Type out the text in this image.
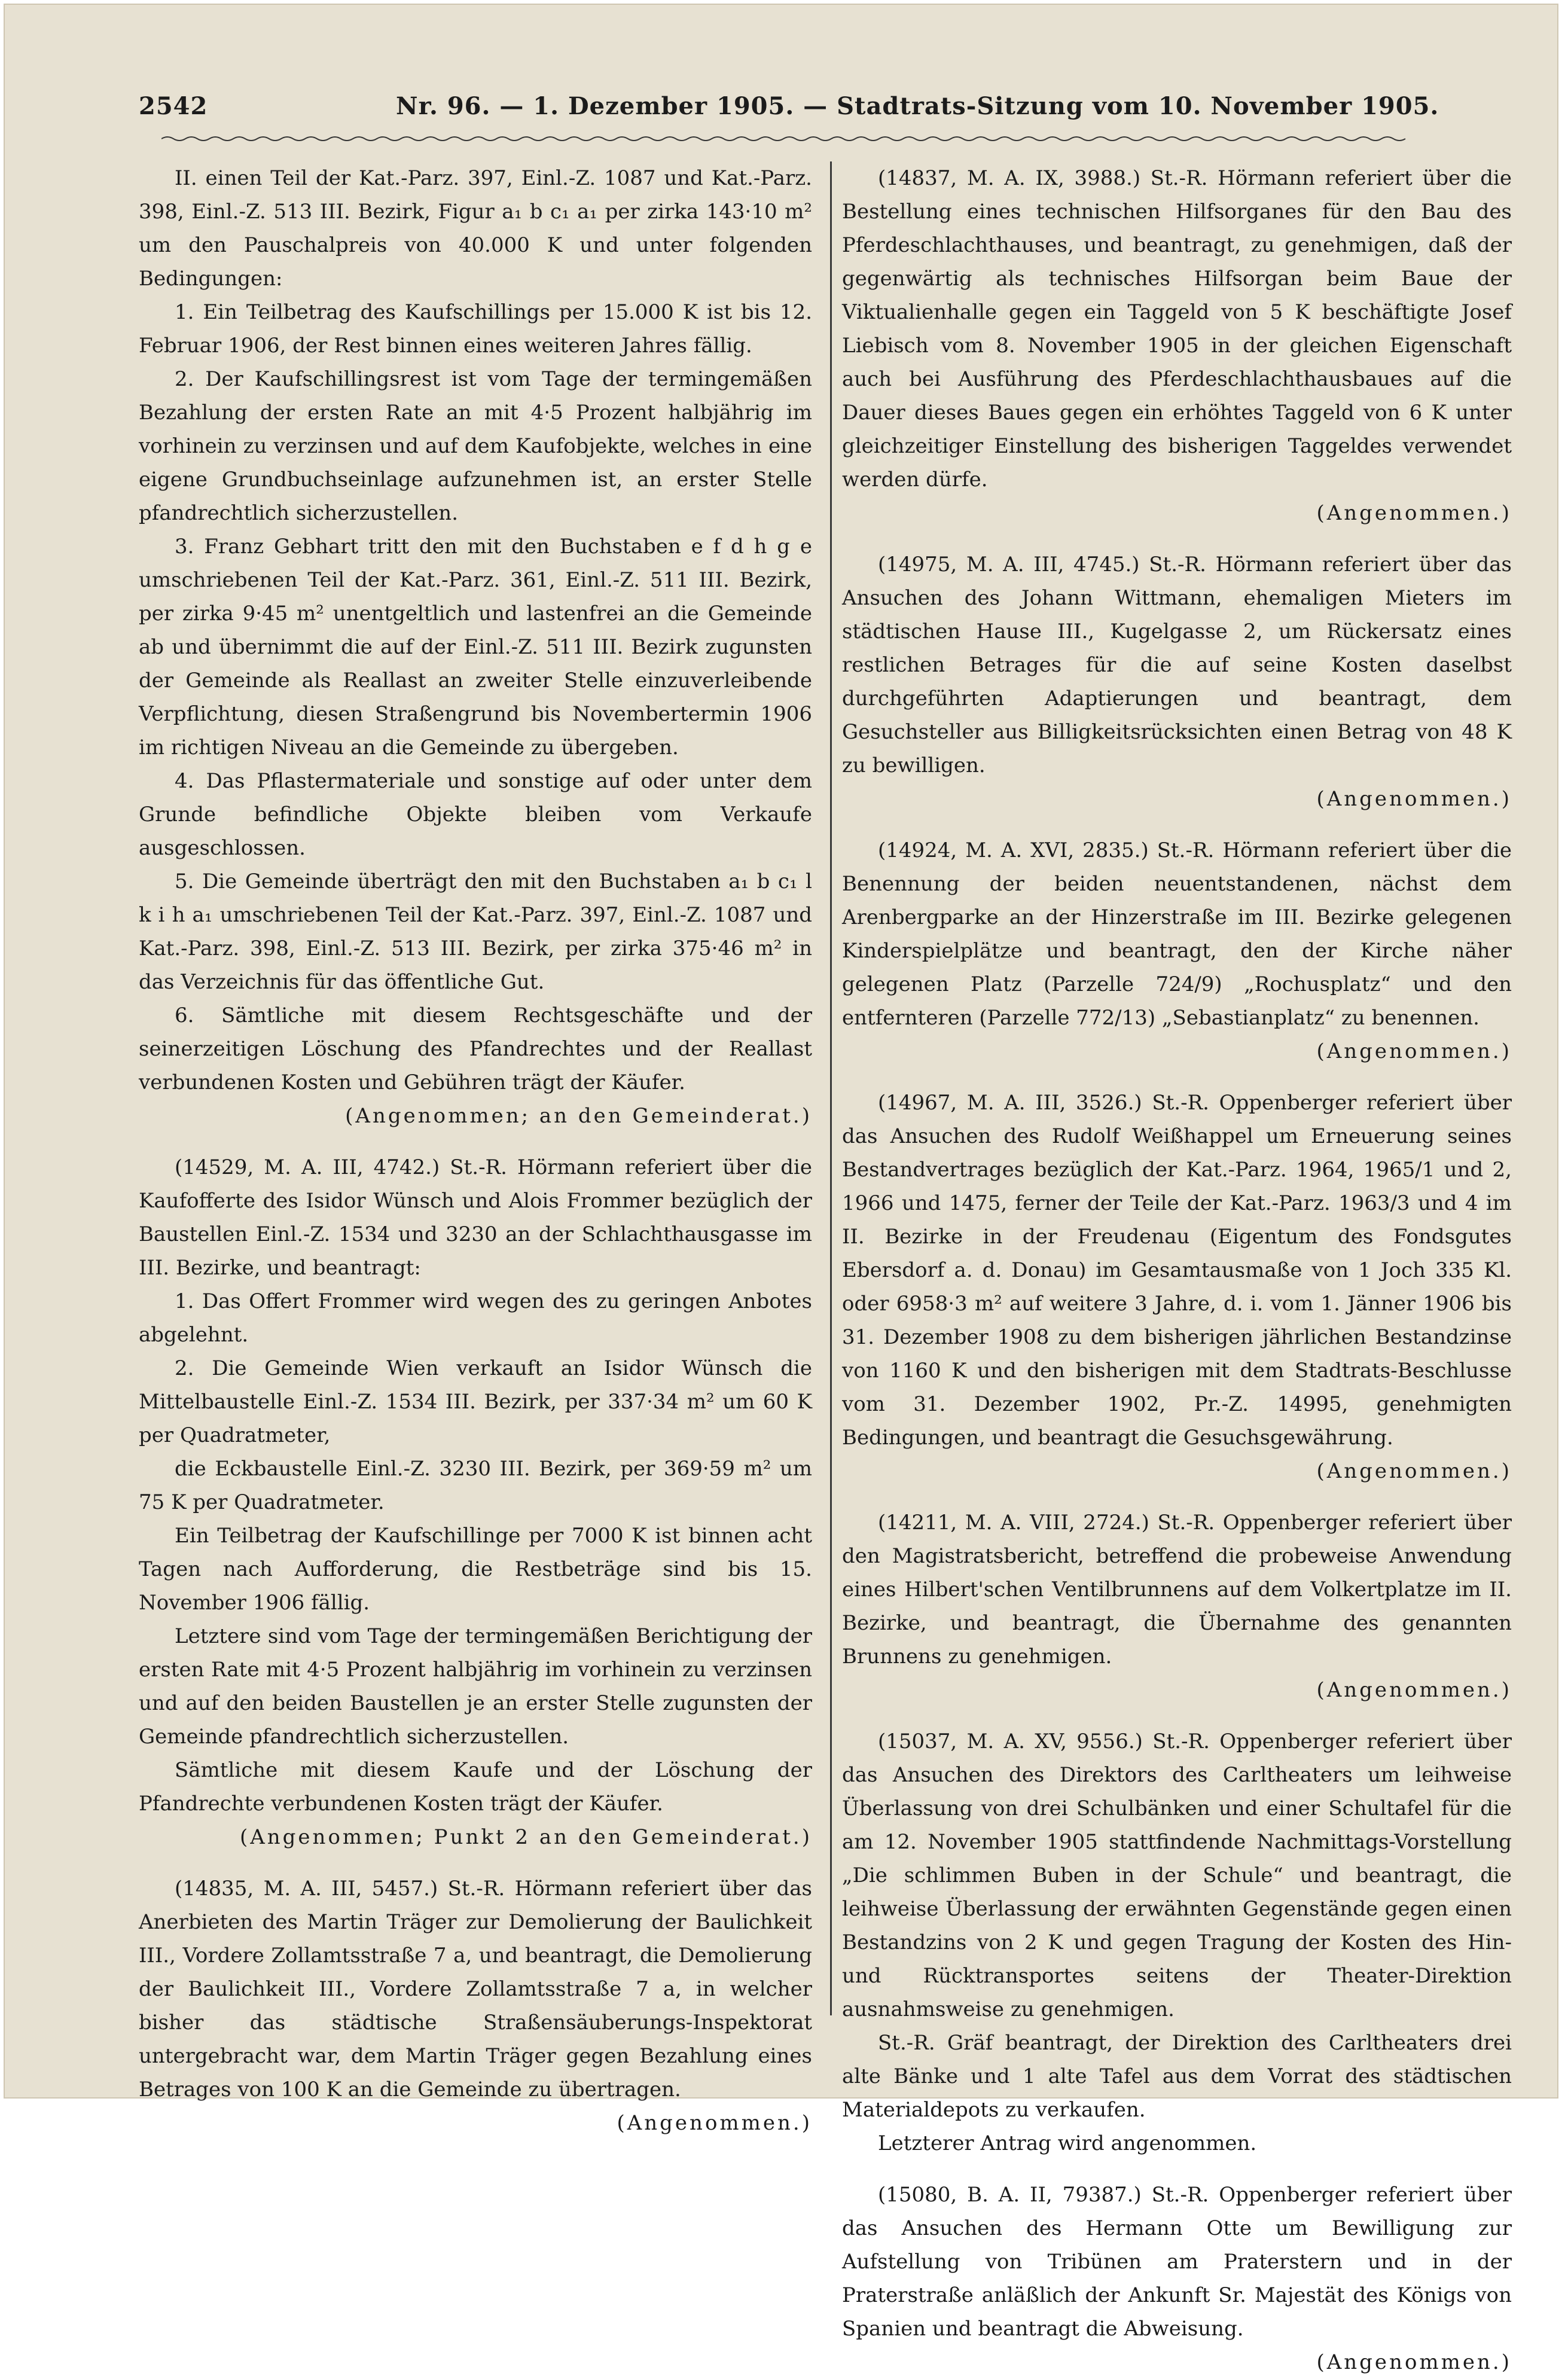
2542	Nr. 96. — 1. Dezember 1905. — Stadtrats-Sitzung vom 10. November 1905.

II. einen Teil der Kat.-Parz. 397, Einl.-Z. 1087 und Kat.-Parz. 398, Einl.-Z. 513 III. Bezirk, Figur a₁ b c₁ a₁ per zirka 143·10 m² um den Pauschalpreis von 40.000 K und unter folgenden Bedingungen:

1. Ein Teilbetrag des Kaufschillings per 15.000 K ist bis 12. Februar 1906, der Rest binnen eines weiteren Jahres fällig.

2. Der Kaufschillingsrest ist vom Tage der termingemäßen Bezahlung der ersten Rate an mit 4·5 Prozent halbjährig im vorhinein zu verzinsen und auf dem Kaufobjekte, welches in eine eigene Grundbuchseinlage aufzunehmen ist, an erster Stelle pfandrechtlich sicherzustellen.

3. Franz Gebhart tritt den mit den Buchstaben e f d h g e umschriebenen Teil der Kat.-Parz. 361, Einl.-Z. 511 III. Bezirk, per zirka 9·45 m² unentgeltlich und lastenfrei an die Gemeinde ab und übernimmt die auf der Einl.-Z. 511 III. Bezirk zugunsten der Gemeinde als Reallast an zweiter Stelle einzuverleibende Verpflichtung, diesen Straßengrund bis Novembertermin 1906 im richtigen Niveau an die Gemeinde zu übergeben.

4. Das Pflastermateriale und sonstige auf oder unter dem Grunde befindliche Objekte bleiben vom Verkaufe ausgeschlossen.

5. Die Gemeinde überträgt den mit den Buchstaben a₁ b c₁ l k i h a₁ umschriebenen Teil der Kat.-Parz. 397, Einl.-Z. 1087 und Kat.-Parz. 398, Einl.-Z. 513 III. Bezirk, per zirka 375·46 m² in das Verzeichnis für das öffentliche Gut.

6. Sämtliche mit diesem Rechtsgeschäfte und der seinerzeitigen Löschung des Pfandrechtes und der Reallast verbundenen Kosten und Gebühren trägt der Käufer.

(Angenommen; an den Gemeinderat.)

(14529, M. A. III, 4742.) St.-R. Hörmann referiert über die Kaufofferte des Isidor Wünsch und Alois Frommer bezüglich der Baustellen Einl.-Z. 1534 und 3230 an der Schlachthausgasse im III. Bezirke, und beantragt:

1. Das Offert Frommer wird wegen des zu geringen Anbotes abgelehnt.

2. Die Gemeinde Wien verkauft an Isidor Wünsch die Mittelbaustelle Einl.-Z. 1534 III. Bezirk, per 337·34 m² um 60 K per Quadratmeter,

die Eckbaustelle Einl.-Z. 3230 III. Bezirk, per 369·59 m² um 75 K per Quadratmeter.

Ein Teilbetrag der Kaufschillinge per 7000 K ist binnen acht Tagen nach Aufforderung, die Restbeträge sind bis 15. November 1906 fällig.

Letztere sind vom Tage der termingemäßen Berichtigung der ersten Rate mit 4·5 Prozent halbjährig im vorhinein zu verzinsen und auf den beiden Baustellen je an erster Stelle zugunsten der Gemeinde pfandrechtlich sicherzustellen.

Sämtliche mit diesem Kaufe und der Löschung der Pfandrechte verbundenen Kosten trägt der Käufer.

(Angenommen; Punkt 2 an den Gemeinderat.)

(14835, M. A. III, 5457.) St.-R. Hörmann referiert über das Anerbieten des Martin Träger zur Demolierung der Baulichkeit III., Vordere Zollamtsstraße 7 a, und beantragt, die Demolierung der Baulichkeit III., Vordere Zollamtsstraße 7 a, in welcher bisher das städtische Straßensäuberungs-Inspektorat untergebracht war, dem Martin Träger gegen Bezahlung eines Betrages von 100 K an die Gemeinde zu übertragen.
(Angenommen.)

(14837, M. A. IX, 3988.) St.-R. Hörmann referiert über die Bestellung eines technischen Hilfsorganes für den Bau des Pferdeschlachthauses, und beantragt, zu genehmigen, daß der gegenwärtig als technisches Hilfsorgan beim Baue der Viktualienhalle gegen ein Taggeld von 5 K beschäftigte Josef Liebisch vom 8. November 1905 in der gleichen Eigenschaft auch bei Ausführung des Pferdeschlachthausbaues auf die Dauer dieses Baues gegen ein erhöhtes Taggeld von 6 K unter gleichzeitiger Einstellung des bisherigen Taggeldes verwendet werden dürfe.
(Angenommen.)

(14975, M. A. III, 4745.) St.-R. Hörmann referiert über das Ansuchen des Johann Wittmann, ehemaligen Mieters im städtischen Hause III., Kugelgasse 2, um Rückersatz eines restlichen Betrages für die auf seine Kosten daselbst durchgeführten Adaptierungen und beantragt, dem Gesuchsteller aus Billigkeitsrücksichten einen Betrag von 48 K zu bewilligen.
(Angenommen.)

(14924, M. A. XVI, 2835.) St.-R. Hörmann referiert über die Benennung der beiden neuentstandenen, nächst dem Arenbergparke an der Hinzerstraße im III. Bezirke gelegenen Kinderspielplätze und beantragt, den der Kirche näher gelegenen Platz (Parzelle 724/9) „Rochusplatz“ und den entfernteren (Parzelle 772/13) „Sebastianplatz“ zu benennen.
(Angenommen.)

(14967, M. A. III, 3526.) St.-R. Oppenberger referiert über das Ansuchen des Rudolf Weißhappel um Erneuerung seines Bestandvertrages bezüglich der Kat.-Parz. 1964, 1965/1 und 2, 1966 und 1475, ferner der Teile der Kat.-Parz. 1963/3 und 4 im II. Bezirke in der Freudenau (Eigentum des Fondsgutes Ebersdorf a. d. Donau) im Gesamtausmaße von 1 Joch 335 Kl. oder 6958·3 m² auf weitere 3 Jahre, d. i. vom 1. Jänner 1906 bis 31. Dezember 1908 zu dem bisherigen jährlichen Bestandzinse von 1160 K und den bisherigen mit dem Stadtrats-Beschlusse vom 31. Dezember 1902, Pr.-Z. 14995, genehmigten Bedingungen, und beantragt die Gesuchsgewährung.
(Angenommen.)

(14211, M. A. VIII, 2724.) St.-R. Oppenberger referiert über den Magistratsbericht, betreffend die probeweise Anwendung eines Hilbert'schen Ventilbrunnens auf dem Volkertplatze im II. Bezirke, und beantragt, die Übernahme des genannten Brunnens zu genehmigen.
(Angenommen.)

(15037, M. A. XV, 9556.) St.-R. Oppenberger referiert über das Ansuchen des Direktors des Carltheaters um leihweise Überlassung von drei Schulbänken und einer Schultafel für die am 12. November 1905 stattfindende Nachmittags-Vorstellung „Die schlimmen Buben in der Schule“ und beantragt, die leihweise Überlassung der erwähnten Gegenstände gegen einen Bestandzins von 2 K und gegen Tragung der Kosten des Hin- und Rücktransportes seitens der Theater-Direktion ausnahmsweise zu genehmigen.

St.-R. Gräf beantragt, der Direktion des Carltheaters drei alte Bänke und 1 alte Tafel aus dem Vorrat des städtischen Materialdepots zu verkaufen.

Letzterer Antrag wird angenommen.

(15080, B. A. II, 79387.) St.-R. Oppenberger referiert über das Ansuchen des Hermann Otte um Bewilligung zur Aufstellung von Tribünen am Praterstern und in der Praterstraße anläßlich der Ankunft Sr. Majestät des Königs von Spanien und beantragt die Abweisung.
(Angenommen.)
